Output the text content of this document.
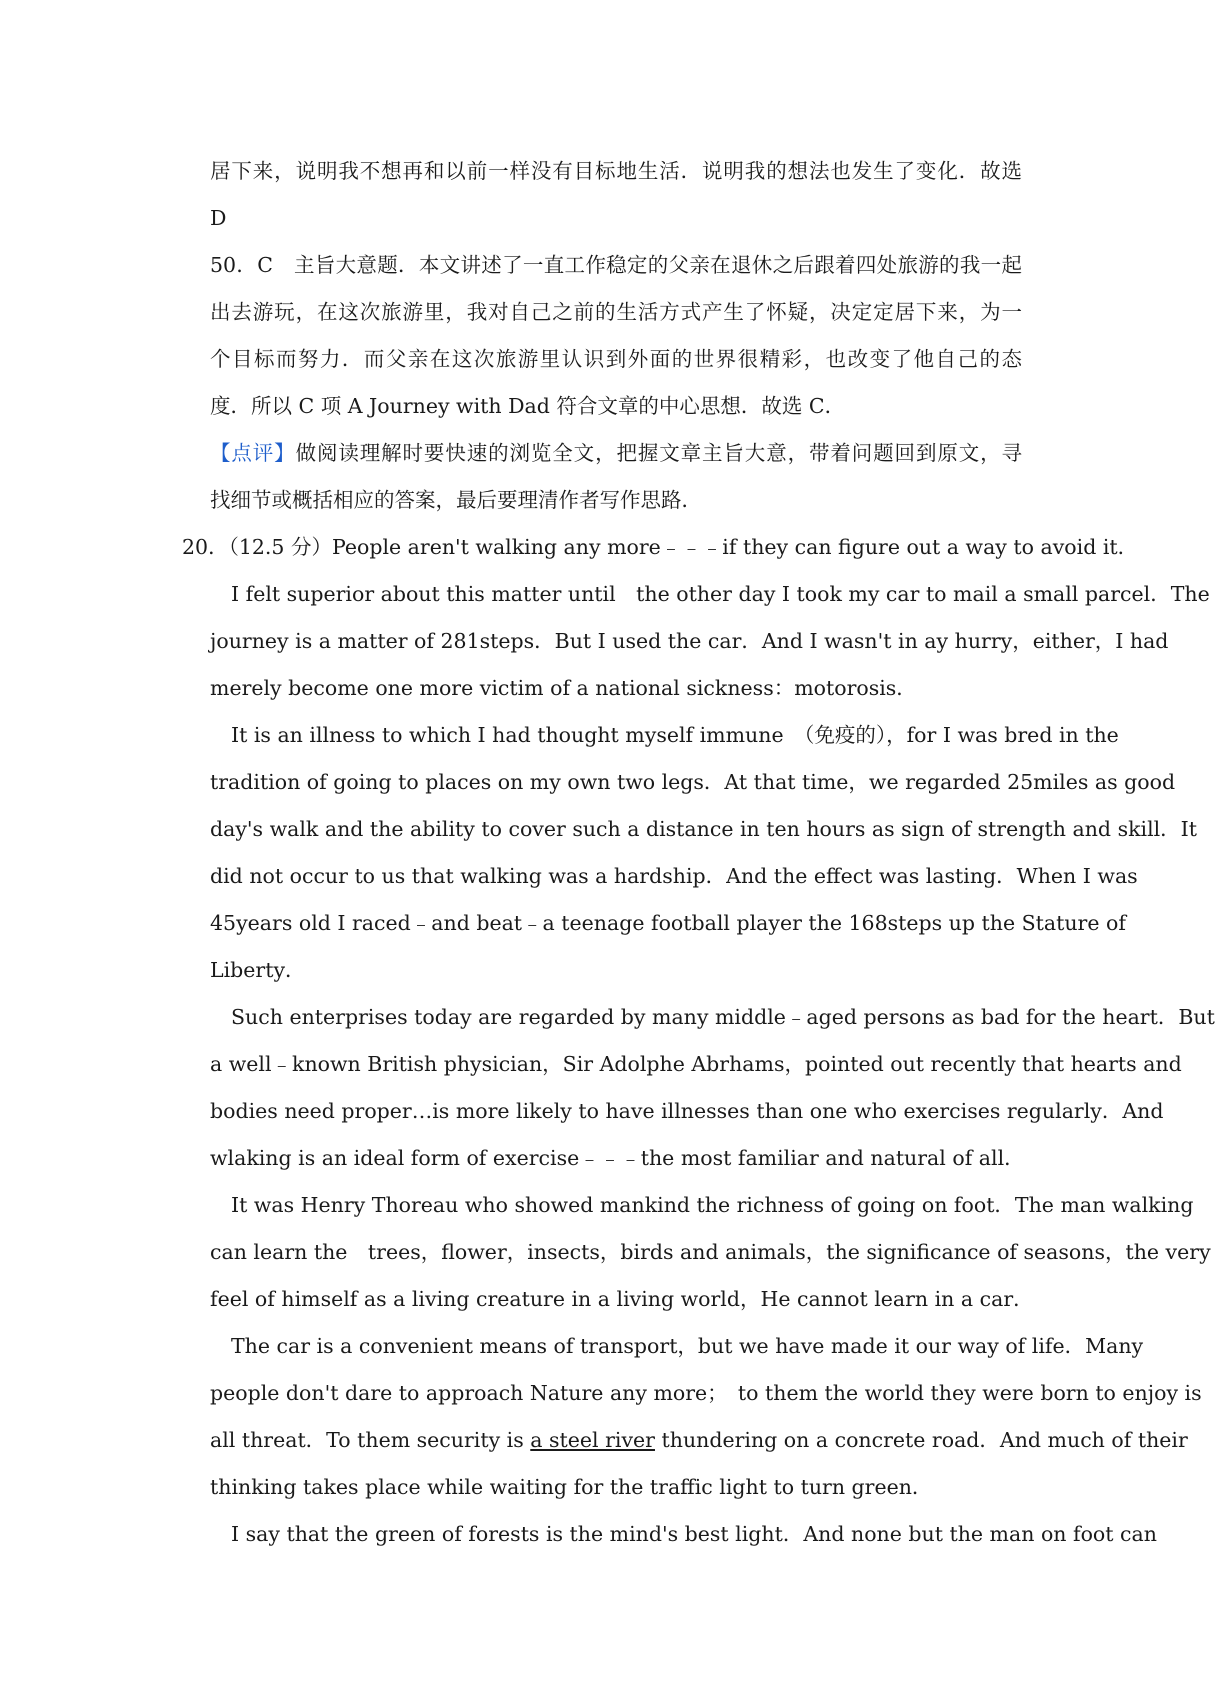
居下来，说明我不想再和以前一样没有目标地生活．说明我的想法也发生了变化．故选
D
50．C　主旨大意题．本文讲述了一直工作稳定的父亲在退休之后跟着四处旅游的我一起
出去游玩，在这次旅游里，我对自己之前的生活方式产生了怀疑，决定定居下来，为一
个目标而努力．而父亲在这次旅游里认识到外面的世界很精彩，也改变了他自己的态
度．所以 C 项 A Journey with Dad 符合文章的中心思想．故选 C．
【点评】做阅读理解时要快速的浏览全文，把握文章主旨大意，带着问题回到原文，寻
找细节或概括相应的答案，最后要理清作者写作思路．
20．（12.5 分）People aren't walking any more﹣﹣﹣if they can figure out a way to avoid it．
I felt superior about this matter until　the other day I took my car to mail a small parcel．The
journey is a matter of 281steps．But I used the car．And I wasn't in ay hurry，either，I had
merely become one more victim of a national sickness：motorosis．
It is an illness to which I had thought myself immune　（免疫的），for I was bred in the
tradition of going to places on my own two legs．At that time，we regarded 25miles as good
day's walk and the ability to cover such a distance in ten hours as sign of strength and skill．It
did not occur to us that walking was a hardship．And the effect was lasting．When I was
45years old I raced﹣and beat﹣a teenage football player the 168steps up the Stature of
Liberty．
Such enterprises today are regarded by many middle﹣aged persons as bad for the heart．But
a well﹣known British physician，Sir Adolphe Abrhams，pointed out recently that hearts and
bodies need proper…is more likely to have illnesses than one who exercises regularly．And
wlaking is an ideal form of exercise﹣﹣﹣the most familiar and natural of all．
It was Henry Thoreau who showed mankind the richness of going on foot．The man walking
can learn the　trees，flower，insects，birds and animals，the significance of seasons，the very
feel of himself as a living creature in a living world，He cannot learn in a car．
The car is a convenient means of transport，but we have made it our way of life．Many
people don't dare to approach Nature any more；　to them the world they were born to enjoy is
all threat．To them security is a steel river thundering on a concrete road．And much of their
thinking takes place while waiting for the traffic light to turn green．
I say that the green of forests is the mind's best light．And none but the man on foot can
